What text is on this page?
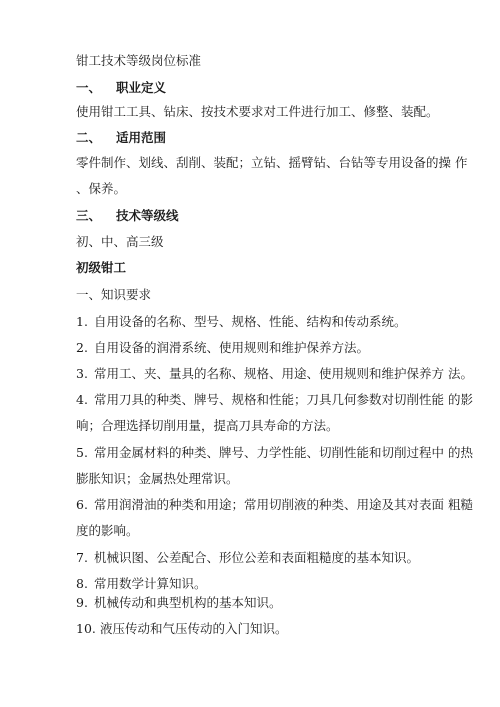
钳工技术等级岗位标准
一、 职业定义
使用钳工工具、钻床、按技术要求对工件进行加工、修整、装配。
二、 适用范围
零件制作、划线、刮削、装配；立钻、摇臂钻、台钻等专用设备的操 作
、保养。
三、 技术等级线
初、中、高三级
初级钳工
一、知识要求
1. 自用设备的名称、型号、规格、性能、结构和传动系统。
2. 自用设备的润滑系统、使用规则和维护保养方法。
3. 常用工、夹、量具的名称、规格、用途、使用规则和维护保养方 法。
4. 常用刀具的种类、牌号、规格和性能；刀具几何参数对切削性能 的影
响；合理选择切削用量，提高刀具寿命的方法。
5. 常用金属材料的种类、牌号、力学性能、切削性能和切削过程中 的热
膨胀知识；金属热处理常识。
6. 常用润滑油的种类和用途；常用切削液的种类、用途及其对表面 粗糙
度的影响。
7. 机械识图、公差配合、形位公差和表面粗糙度的基本知识。
8. 常用数学计算知识。
9. 机械传动和典型机构的基本知识。
10. 液压传动和气压传动的入门知识。
